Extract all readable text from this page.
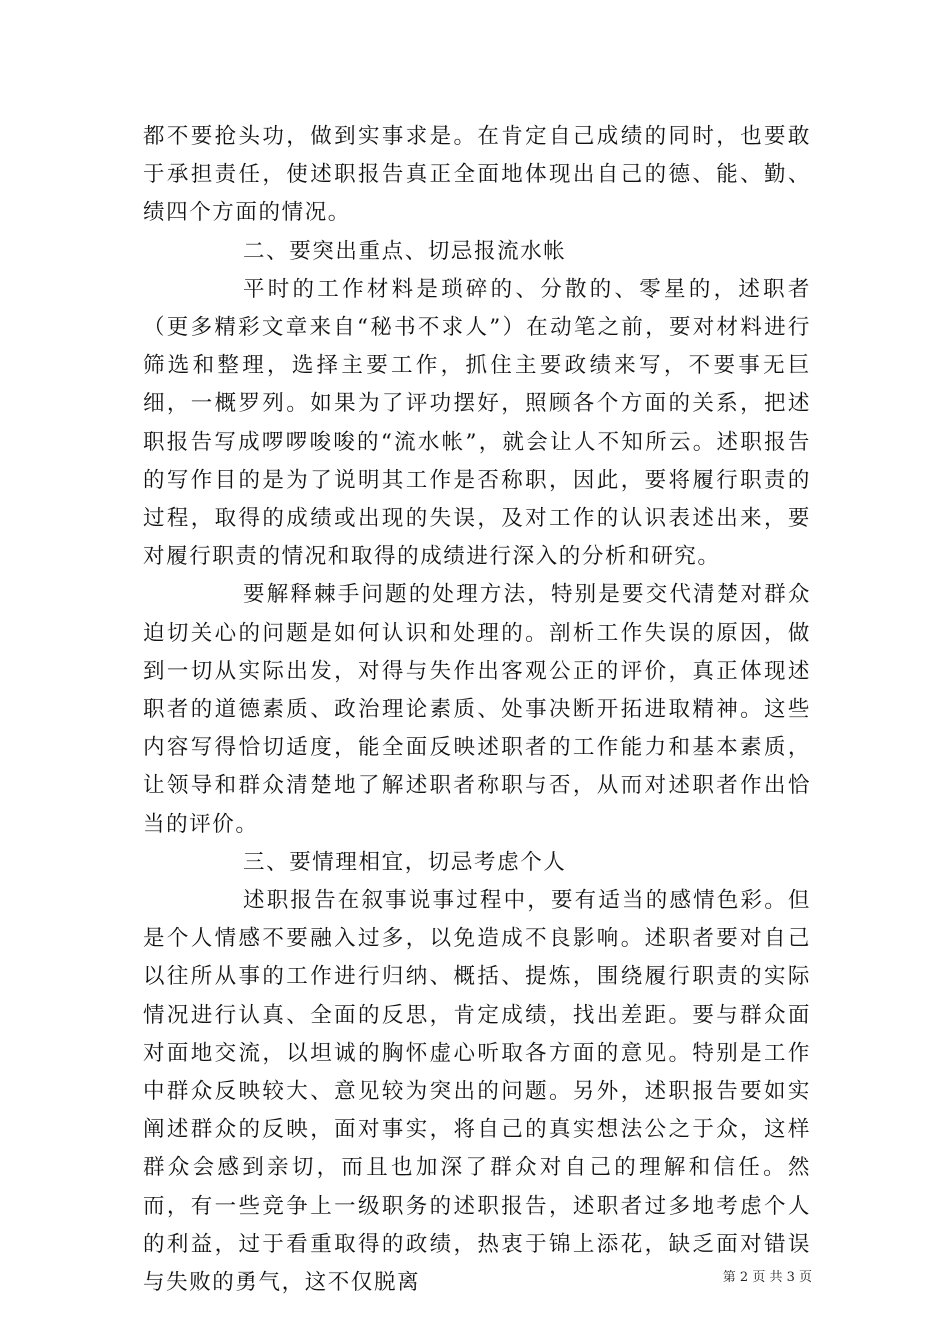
都不要抢头功，做到实事求是。在肯定自己成绩的同时，也要敢于承担责任，使述职报告真正全面地体现出自己的德、能、勤、绩四个方面的情况。

二、要突出重点、切忌报流水帐

平时的工作材料是琐碎的、分散的、零星的，述职者（更多精彩文章来自“秘书不求人”）在动笔之前，要对材料进行筛选和整理，选择主要工作，抓住主要政绩来写，不要事无巨细，一概罗列。如果为了评功摆好，照顾各个方面的关系，把述职报告写成啰啰唆唆的“流水帐”，就会让人不知所云。述职报告的写作目的是为了说明其工作是否称职，因此，要将履行职责的过程，取得的成绩或出现的失误，及对工作的认识表述出来，要对履行职责的情况和取得的成绩进行深入的分析和研究。

要解释棘手问题的处理方法，特别是要交代清楚对群众迫切关心的问题是如何认识和处理的。剖析工作失误的原因，做到一切从实际出发，对得与失作出客观公正的评价，真正体现述职者的道德素质、政治理论素质、处事决断开拓进取精神。这些内容写得恰切适度，能全面反映述职者的工作能力和基本素质，让领导和群众清楚地了解述职者称职与否，从而对述职者作出恰当的评价。

三、要情理相宜，切忌考虑个人

述职报告在叙事说事过程中，要有适当的感情色彩。但是个人情感不要融入过多，以免造成不良影响。述职者要对自己以往所从事的工作进行归纳、概括、提炼，围绕履行职责的实际情况进行认真、全面的反思，肯定成绩，找出差距。要与群众面对面地交流，以坦诚的胸怀虚心听取各方面的意见。特别是工作中群众反映较大、意见较为突出的问题。另外，述职报告要如实阐述群众的反映，面对事实，将自己的真实想法公之于众，这样群众会感到亲切，而且也加深了群众对自己的理解和信任。然而，有一些竞争上一级职务的述职报告，述职者过多地考虑个人的利益，过于看重取得的政绩，热衷于锦上添花，缺乏面对错误与失败的勇气，这不仅脱离	第 2 页 共 3 页
